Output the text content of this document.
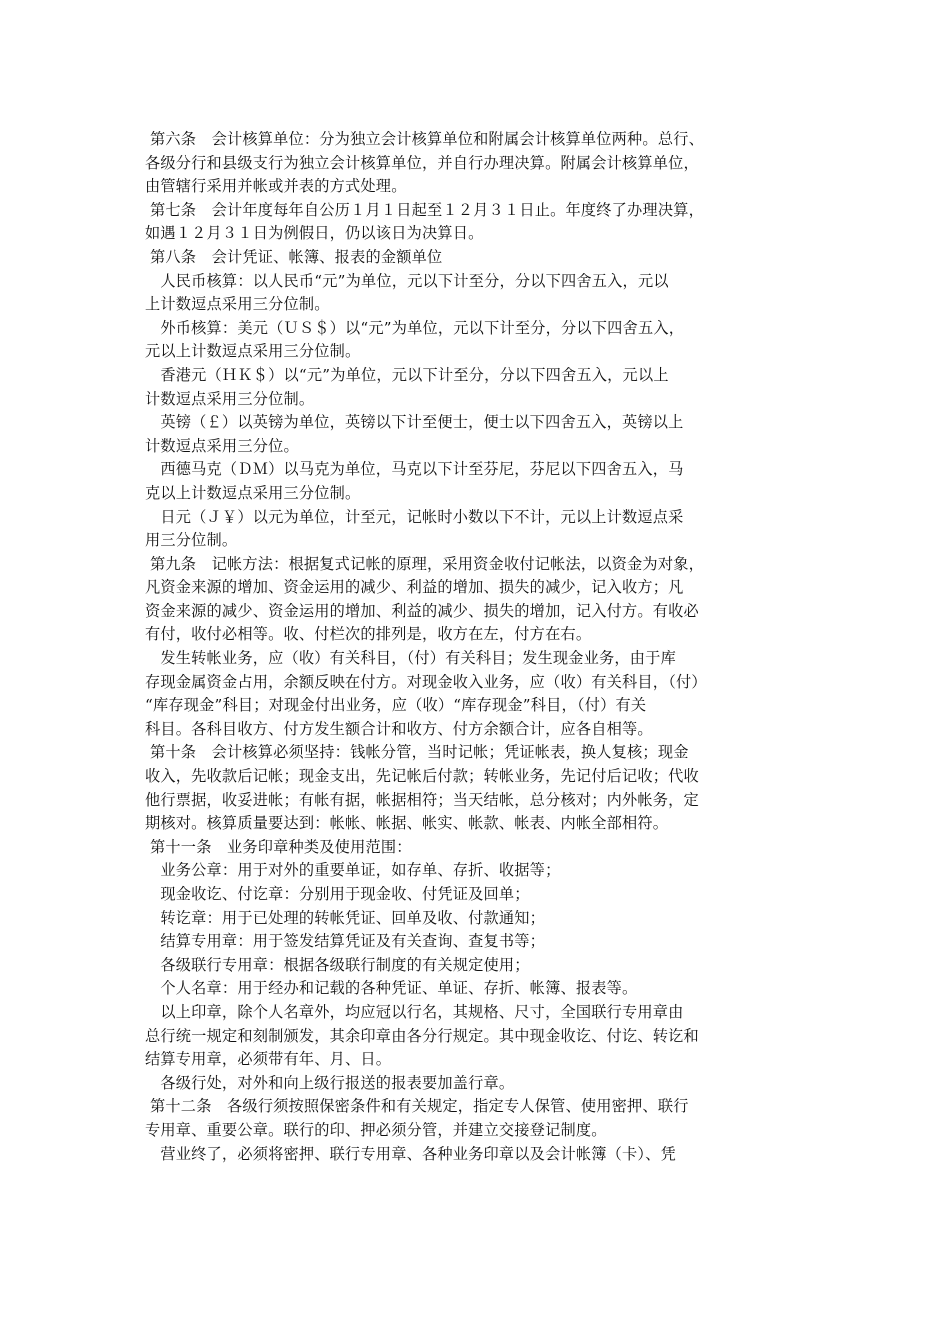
第六条　会计核算单位：分为独立会计核算单位和附属会计核算单位两种。总行、
各级分行和县级支行为独立会计核算单位，并自行办理决算。附属会计核算单位，
由管辖行采用并帐或并表的方式处理。
第七条　会计年度每年自公历１月１日起至１２月３１日止。年度终了办理决算，
如遇１２月３１日为例假日，仍以该日为决算日。
第八条　会计凭证、帐簿、报表的金额单位
　人民币核算：以人民币“元”为单位，元以下计至分，分以下四舍五入，元以
上计数逗点采用三分位制。
　外币核算：美元（ＵＳ＄）以“元”为单位，元以下计至分，分以下四舍五入，
元以上计数逗点采用三分位制。
　香港元（ＨＫ＄）以“元”为单位，元以下计至分，分以下四舍五入，元以上
计数逗点采用三分位制。
　英镑（￡）以英镑为单位，英镑以下计至便士，便士以下四舍五入，英镑以上
计数逗点采用三分位。
　西德马克（ＤＭ）以马克为单位，马克以下计至芬尼，芬尼以下四舍五入，马
克以上计数逗点采用三分位制。
　日元（Ｊ￥）以元为单位，计至元，记帐时小数以下不计，元以上计数逗点采
用三分位制。
第九条　记帐方法：根据复式记帐的原理，采用资金收付记帐法，以资金为对象，
凡资金来源的增加、资金运用的减少、利益的增加、损失的减少，记入收方；凡
资金来源的减少、资金运用的增加、利益的减少、损失的增加，记入付方。有收必
有付，收付必相等。收、付栏次的排列是，收方在左，付方在右。
　发生转帐业务，应（收）有关科目，（付）有关科目；发生现金业务，由于库
存现金属资金占用，余额反映在付方。对现金收入业务，应（收）有关科目，（付）
“库存现金”科目；对现金付出业务，应（收）“库存现金”科目，（付）有关
科目。各科目收方、付方发生额合计和收方、付方余额合计，应各自相等。
第十条　会计核算必须坚持：钱帐分管，当时记帐；凭证帐表，换人复核；现金
收入，先收款后记帐；现金支出，先记帐后付款；转帐业务，先记付后记收；代收
他行票据，收妥进帐；有帐有据，帐据相符；当天结帐，总分核对；内外帐务，定
期核对。核算质量要达到：帐帐、帐据、帐实、帐款、帐表、内帐全部相符。
第十一条　业务印章种类及使用范围：
　业务公章：用于对外的重要单证，如存单、存折、收据等；
　现金收讫、付讫章：分别用于现金收、付凭证及回单；
　转讫章：用于已处理的转帐凭证、回单及收、付款通知；
　结算专用章：用于签发结算凭证及有关查询、查复书等；
　各级联行专用章：根据各级联行制度的有关规定使用；
　个人名章：用于经办和记载的各种凭证、单证、存折、帐簿、报表等。
　以上印章，除个人名章外，均应冠以行名，其规格、尺寸，全国联行专用章由
总行统一规定和刻制颁发，其余印章由各分行规定。其中现金收讫、付讫、转讫和
结算专用章，必须带有年、月、日。
　各级行处，对外和向上级行报送的报表要加盖行章。
第十二条　各级行须按照保密条件和有关规定，指定专人保管、使用密押、联行
专用章、重要公章。联行的印、押必须分管，并建立交接登记制度。
　营业终了，必须将密押、联行专用章、各种业务印章以及会计帐簿（卡）、凭
